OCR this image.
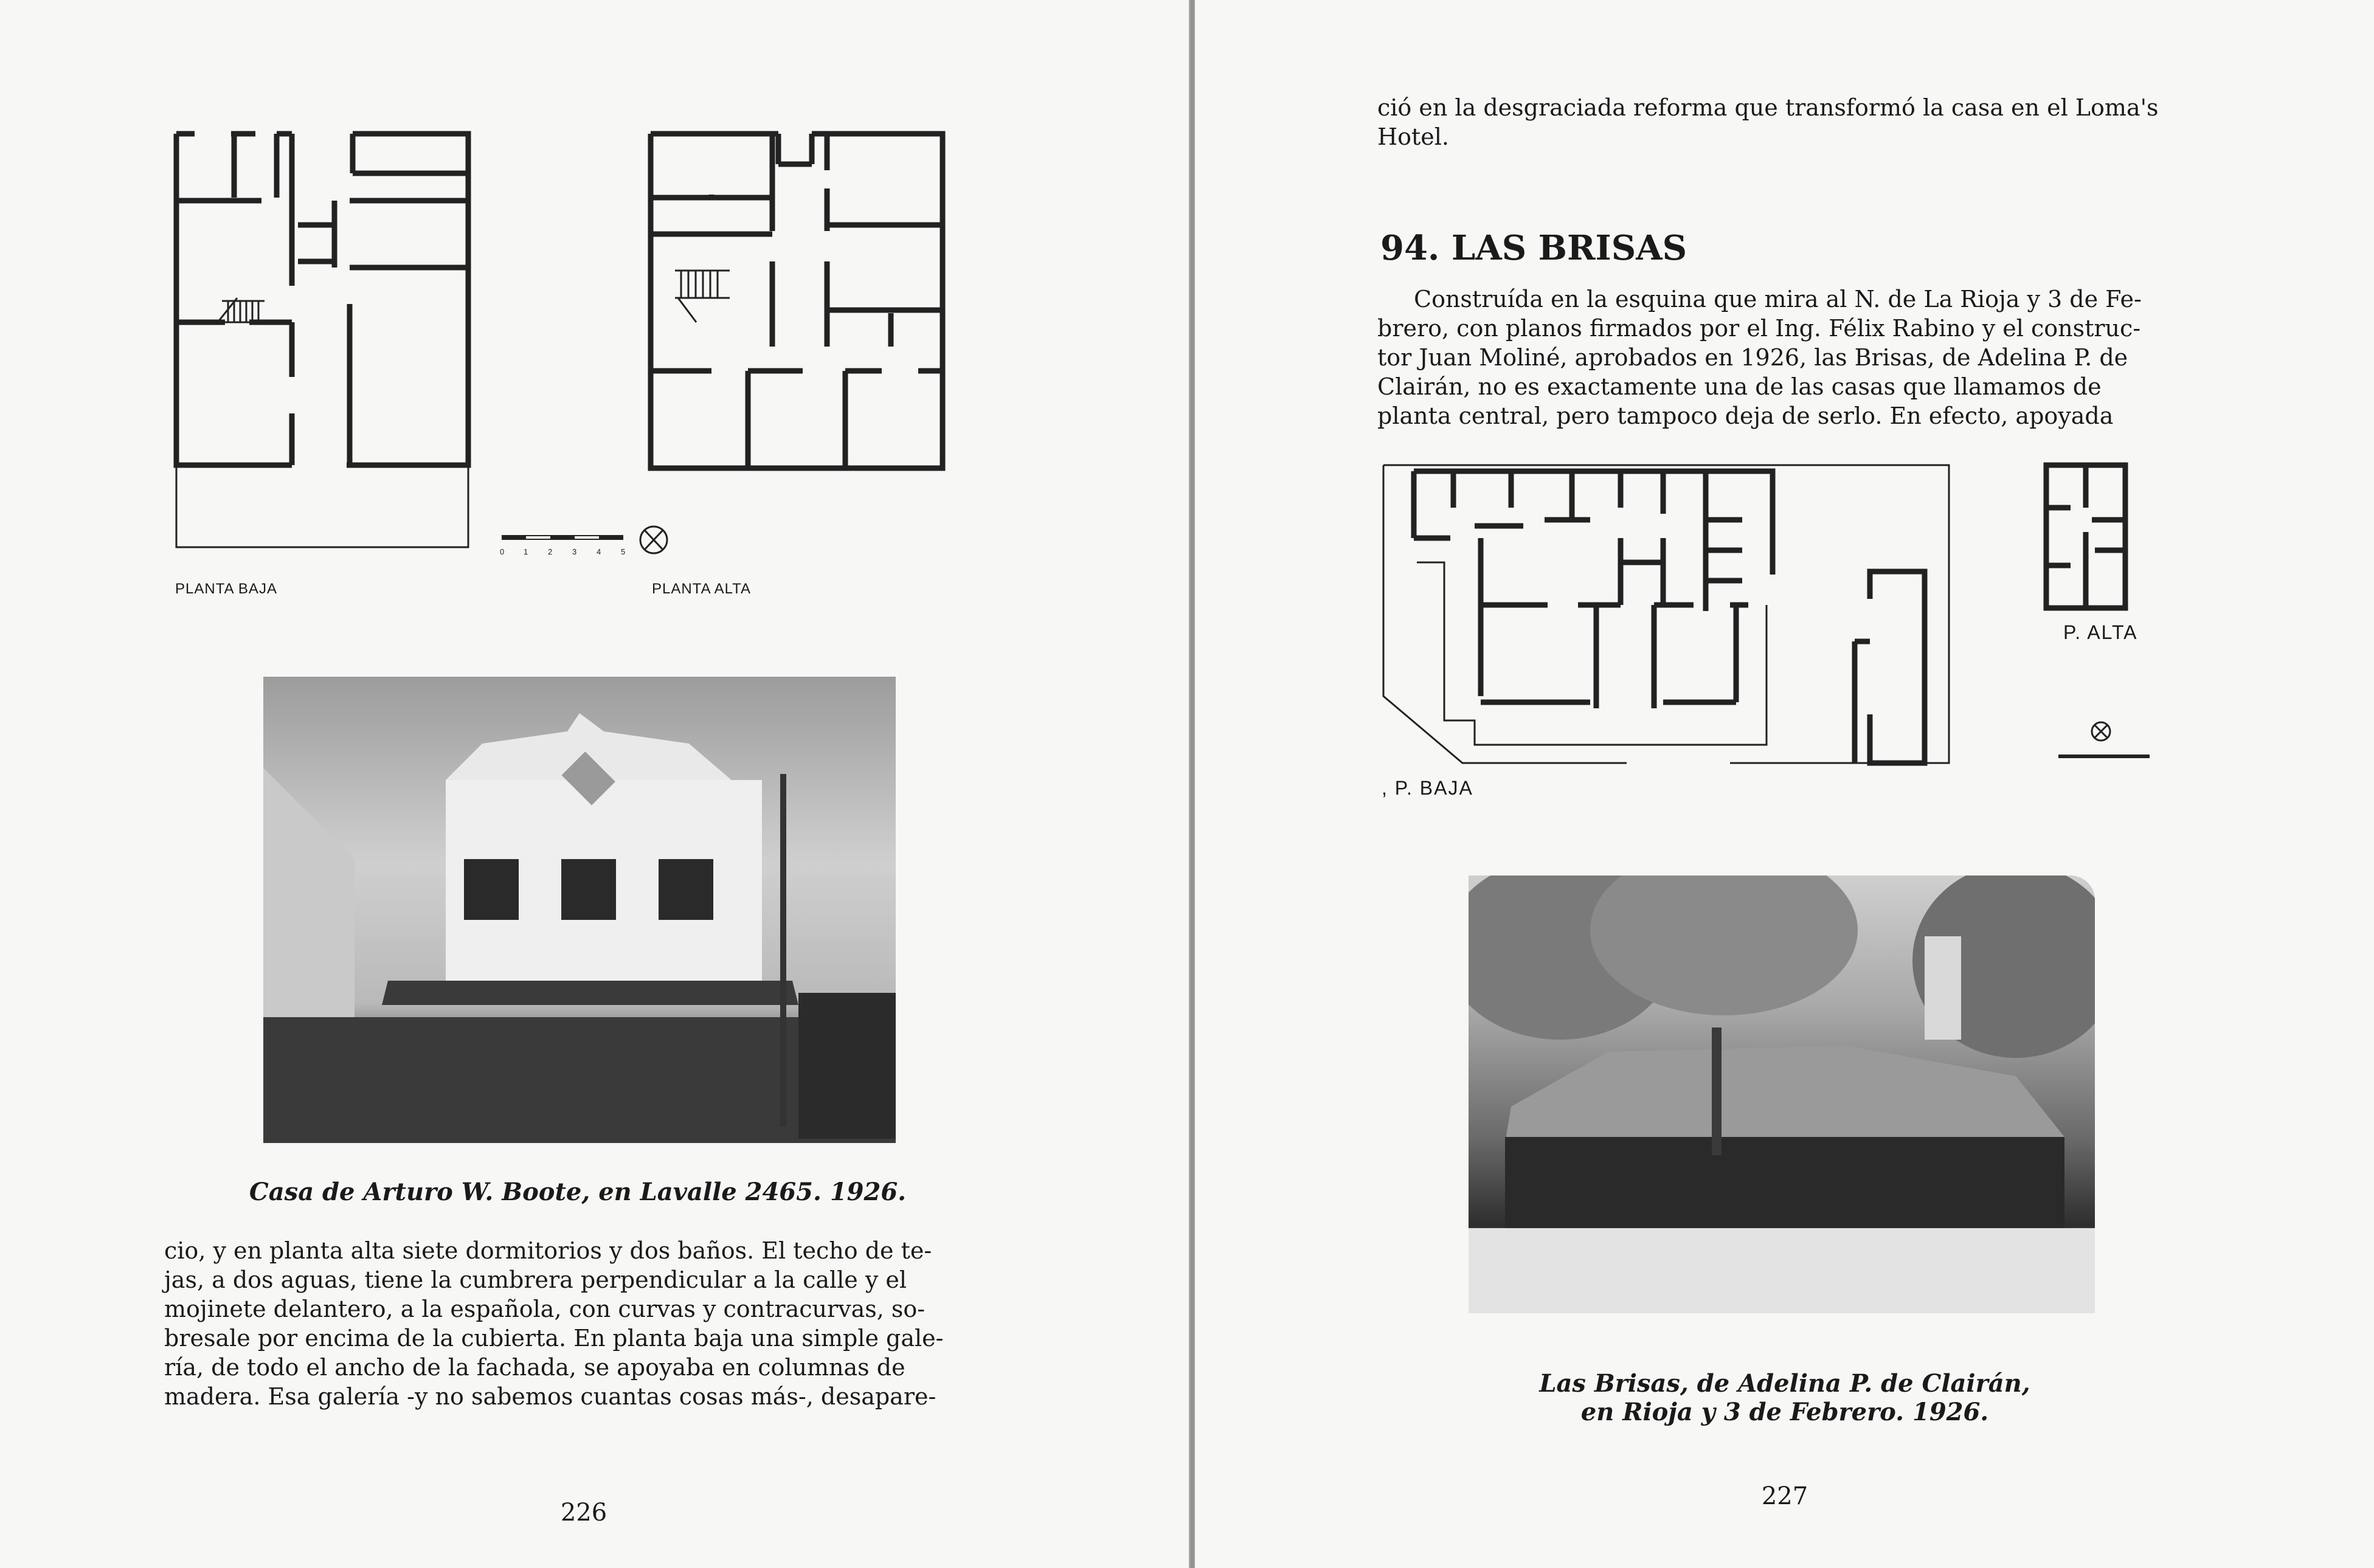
0 1	2	3	4	5
PLANTA BAJA	PLANTA ALTA
Casa de Arturo W. Boote, en Lavalle 2465. 1926.
cio, y en planta alta siete dormitorios y dos baños. El techo de te-
jas, a dos aguas, tiene la cumbrera perpendicular a la calle y el
mojinete delantero, a la española, con curvas y contracurvas, so-
bresale por encima de la cubierta. En planta baja una simple gale-
ría, de todo el ancho de la fachada, se apoyaba en columnas de
madera. Esa galería -y no sabemos cuantas cosas más-, desapare-
226
ció en la desgraciada reforma que transformó la casa en el Loma's
Hotel.
94. LAS BRISAS
Construída en la esquina que mira al N. de La Rioja y 3 de Fe-
brero, con planos firmados por el Ing. Félix Rabino y el construc-
tor Juan Moliné, aprobados en 1926, las Brisas, de Adelina P. de
Clairán, no es exactamente una de las casas que llamamos de
planta central, pero tampoco deja de serlo. En efecto, apoyada
, P. BAJA
P. ALTA
Las Brisas, de Adelina P. de Clairán,
en Rioja y 3 de Febrero. 1926.
227
